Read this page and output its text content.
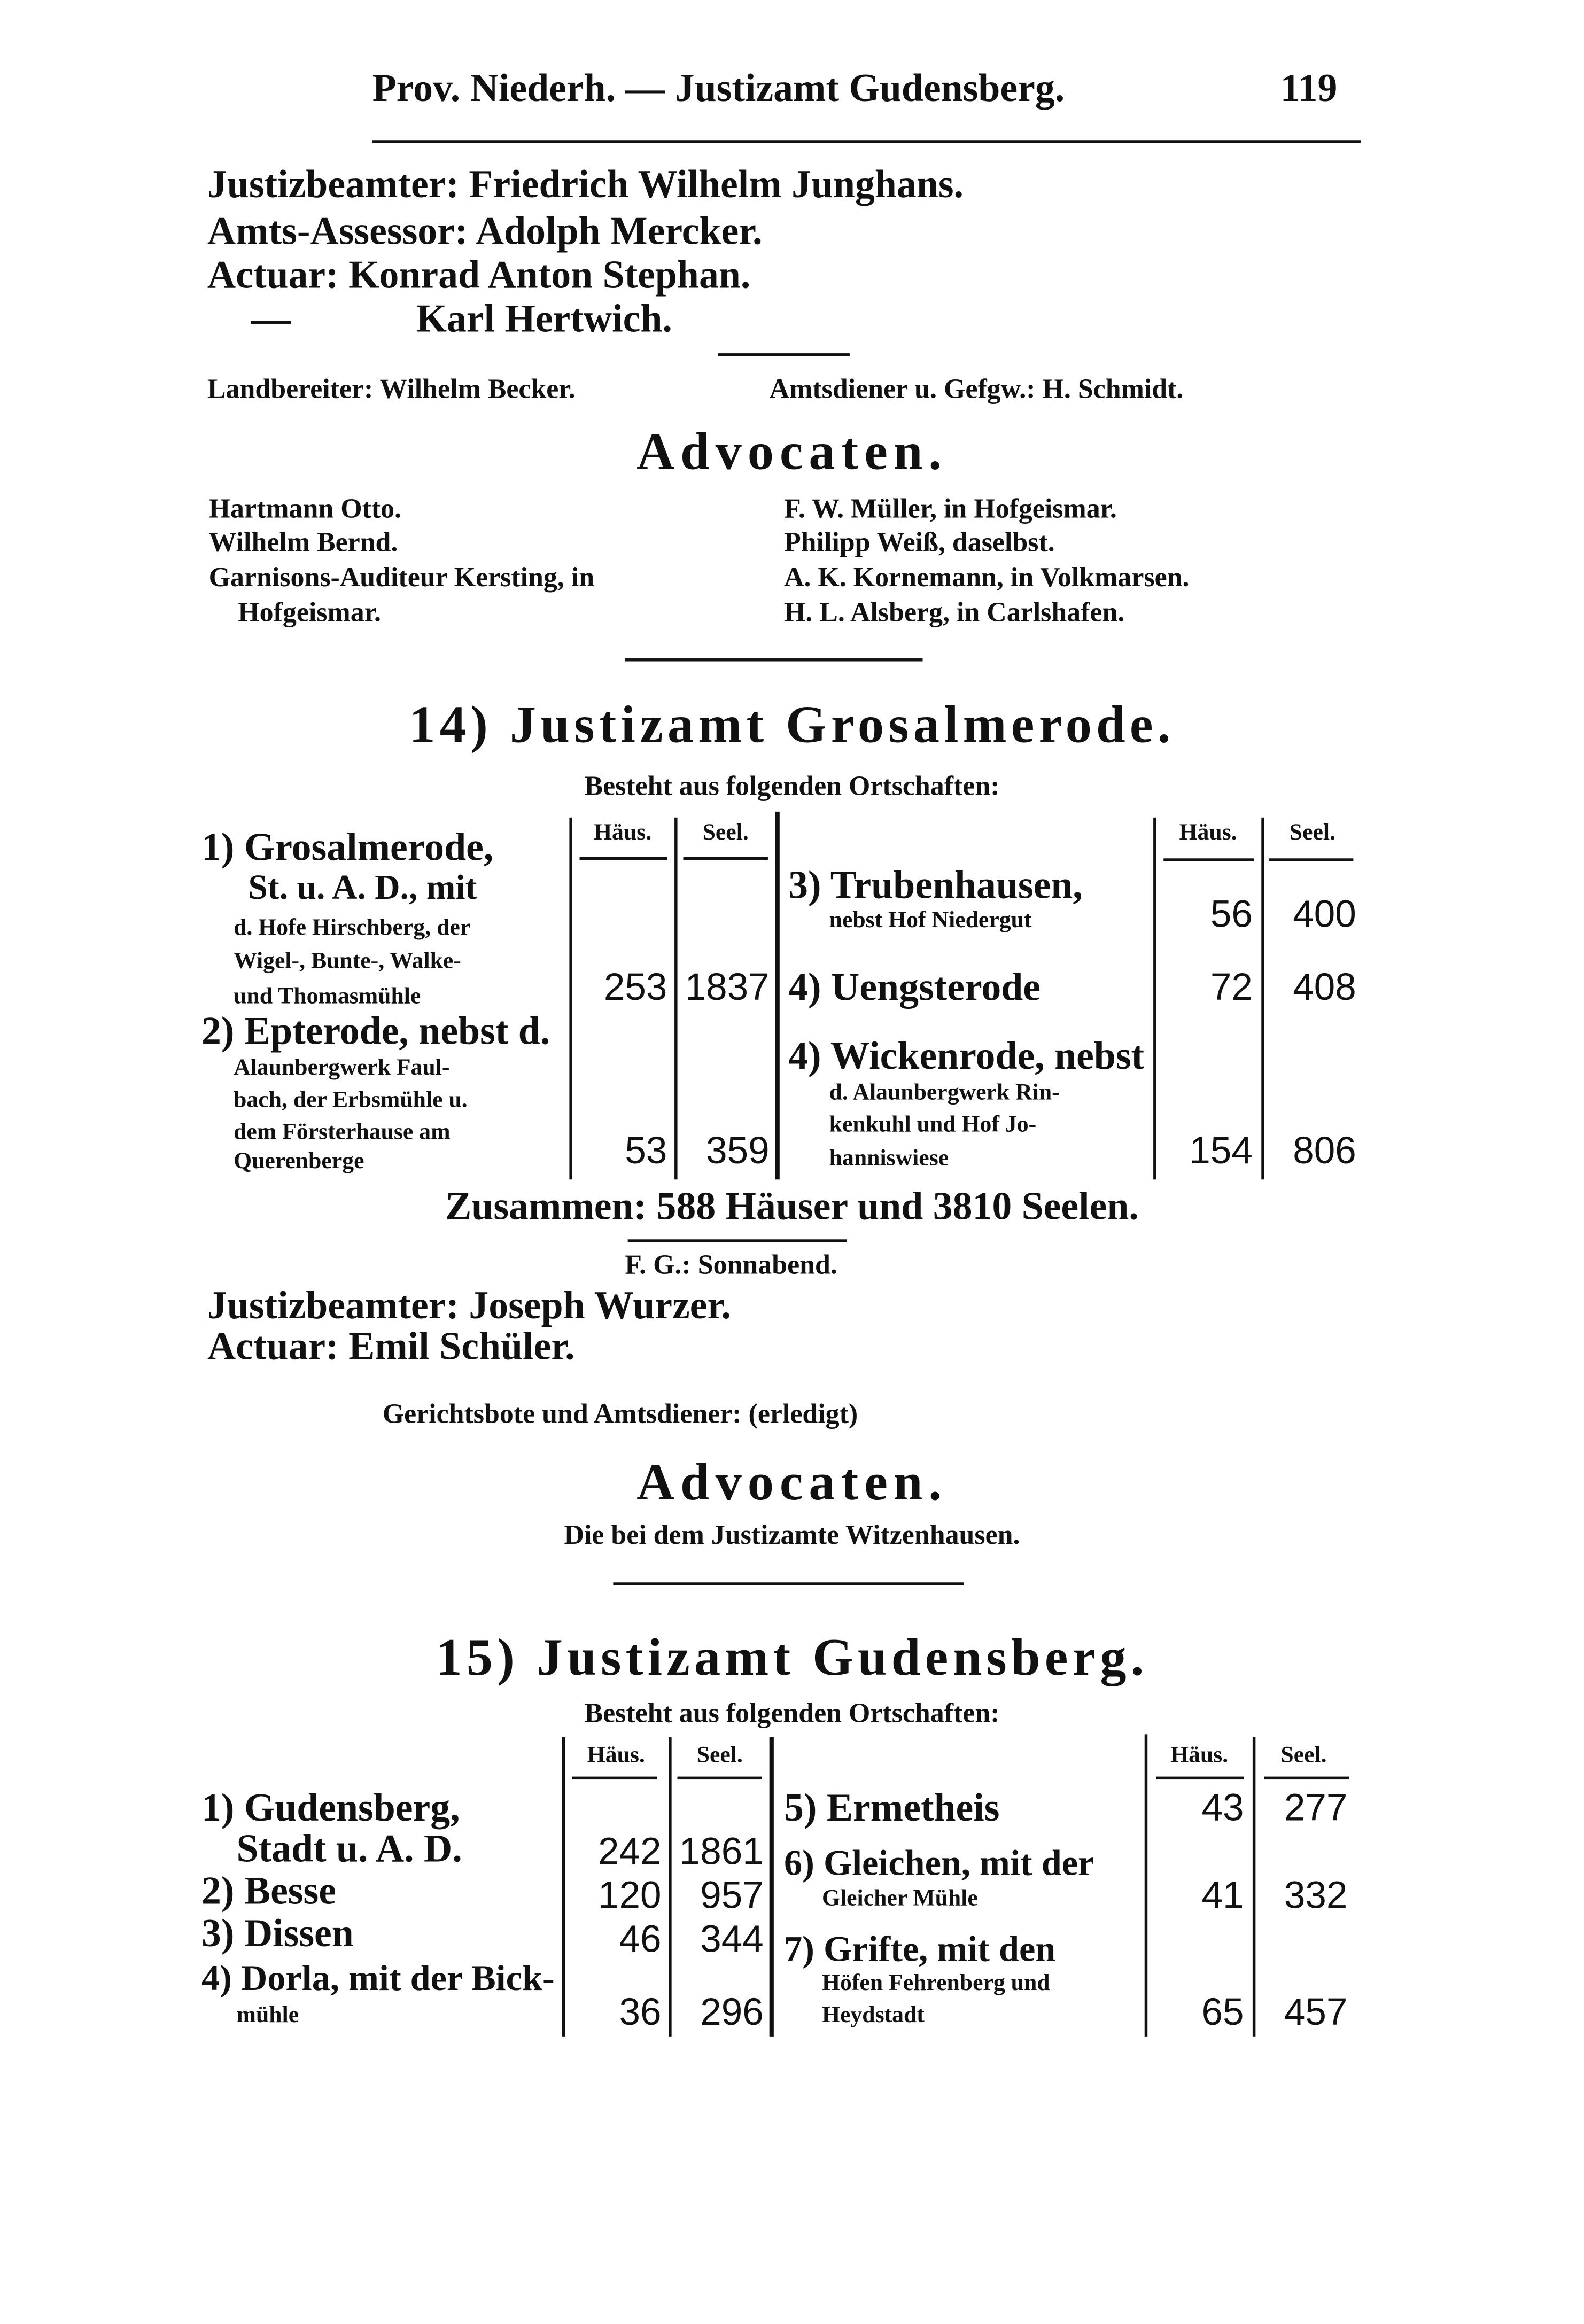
Prov. Niederh. — Justizamt Gudensberg.	119
Justizbeamter: Friedrich Wilhelm Junghans.
Amts-Assessor: Adolph Mercker.
Actuar: Konrad Anton Stephan.
—	Karl Hertwich.
Landbereiter: Wilhelm Becker.	Amtsdiener u. Gefgw.: H. Schmidt.
Advocaten.
Hartmann Otto.
Wilhelm Bernd.
Garnisons-Auditeur Kersting, in
Hofgeismar.
F. W. Müller, in Hofgeismar.
Philipp Weiß, daselbst.
A. K. Kornemann, in Volkmarsen.
H. L. Alsberg, in Carlshafen.
14) Justizamt Grosalmerode.
Besteht aus folgenden Ortschaften:
Häus.	Seel.	Häus.	Seel.
1) Grosalmerode,
St. u. A. D., mit
d. Hofe Hirschberg, der
Wigel-, Bunte-, Walke-
und Thomasmühle	253	1837
2) Epterode, nebst d.
Alaunbergwerk Faul-
bach, der Erbsmühle u.
dem Försterhause am
Querenberge	53	359
3) Trubenhausen,
nebst Hof Niedergut	56	400
4) Uengsterode	72	408
4) Wickenrode, nebst
d. Alaunbergwerk Rin-
kenkuhl und Hof Jo-
hanniswiese	154	806
Zusammen: 588 Häuser und 3810 Seelen.
F. G.: Sonnabend.
Justizbeamter: Joseph Wurzer.
Actuar: Emil Schüler.
Gerichtsbote und Amtsdiener: (erledigt)
Advocaten.
Die bei dem Justizamte Witzenhausen.
15) Justizamt Gudensberg.
Besteht aus folgenden Ortschaften:
Häus.	Seel.	Häus.	Seel.
1) Gudensberg,
Stadt u. A. D.	242	1861
2) Besse	120	957
3) Dissen	46	344
4) Dorla, mit der Bick-
mühle	36	296
5) Ermetheis	43	277
6) Gleichen, mit der
Gleicher Mühle	41	332
7) Grifte, mit den
Höfen Fehrenberg und
Heydstadt	65	457
